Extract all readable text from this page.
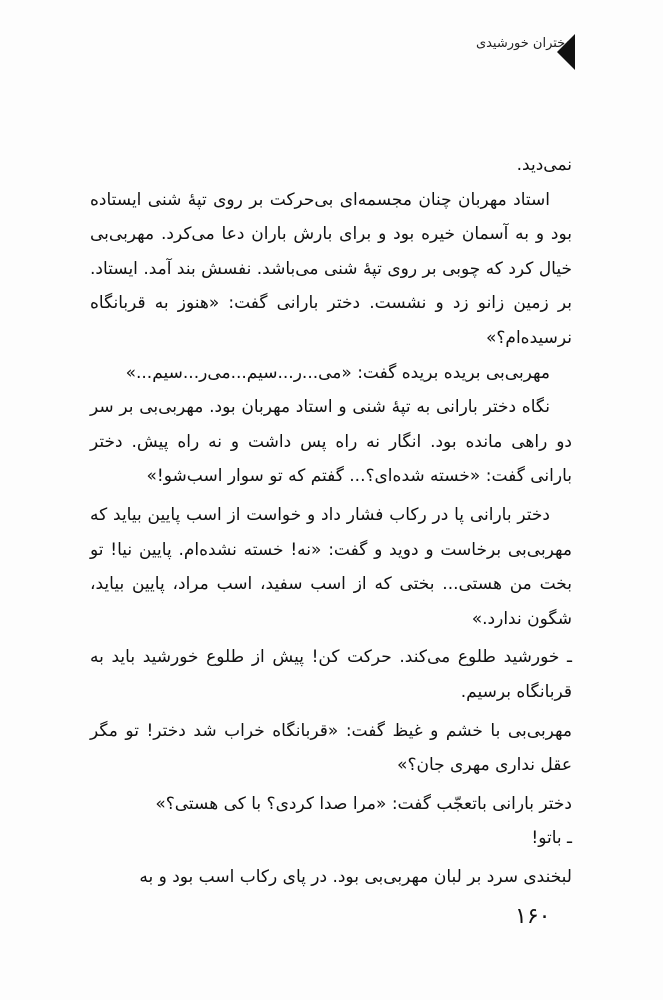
دختران خورشیدی

نمی‌دید.

استاد مهربان چنان مجسمه‌ای بی‌حرکت بر روی تپهٔ شنی ایستاده بود و به آسمان خیره بود و برای بارش باران دعا می‌کرد. مهربی‌بی خیال کرد که چوبی بر روی تپهٔ شنی می‌باشد. نفسش بند آمد. ایستاد. بر زمین زانو زد و نشست. دختر بارانی گفت: «هنوز به قربانگاه نرسیده‌ام؟»

مهربی‌بی بریده بریده گفت: «می...ر...سیم...می‌ر...سیم...»

نگاه دختر بارانی به تپهٔ شنی و استاد مهربان بود. مهربی‌بی بر سر دو راهی مانده بود. انگار نه راه پس داشت و نه راه پیش. دختر بارانی گفت: «خسته شده‌ای؟... گفتم که تو سوار اسب‌شو!»

دختر بارانی پا در رکاب فشار داد و خواست از اسب پایین بیاید که مهربی‌بی برخاست و دوید و گفت: «نه! خسته نشده‌ام. پایین نیا! تو بخت من هستی... بختی که از اسب سفید، اسب مراد، پایین بیاید، شگون ندارد.»

ـ خورشید طلوع می‌کند. حرکت کن! پیش از طلوع خورشید باید به قربانگاه برسیم.

مهربی‌بی با خشم و غیظ گفت: «قربانگاه خراب شد دختر! تو مگر عقل نداری مهری جان؟»

دختر بارانی باتعجّب گفت: «مرا صدا کردی؟ با کی هستی؟»

ـ باتو!

لبخندی سرد بر لبان مهربی‌بی بود. در پای رکاب اسب بود و به

۱۶۰
